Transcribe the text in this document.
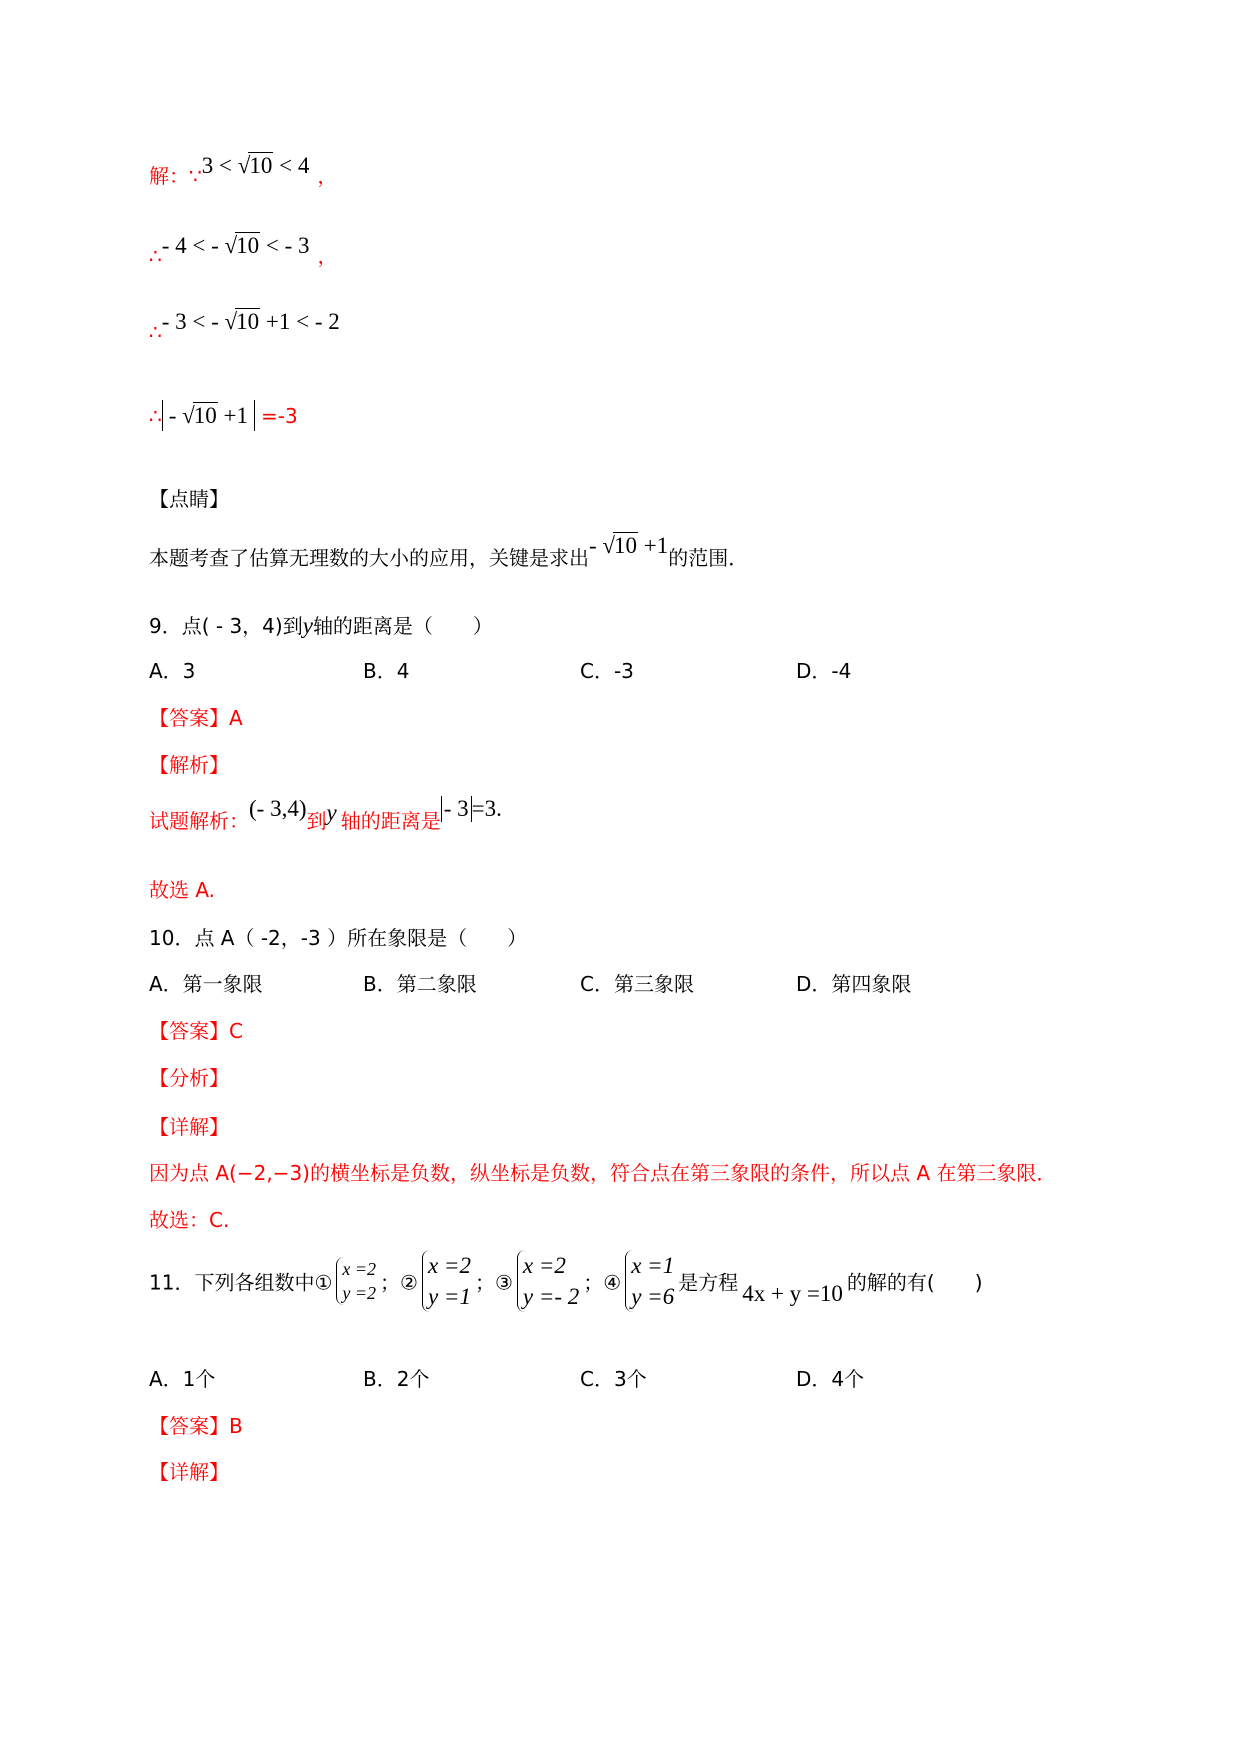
解：∵3 < √10 < 4 ，
∴- 4 < - √10 < - 3 ，
∴- 3 < - √10 +1 < - 2
∴ - √10 +1 =-3
【点睛】
本题考查了估算无理数的大小的应用，关键是求出- √10 +1的范围．
9．点( - 3，4)到y轴的距离是（　　）
A．3	B．4	C．-3	D．-4
【答案】A
【解析】
试题解析：(- 3,4)到y 轴的距离是 - 3 =3.
故选 A.
10．点 A（ -2，-3 ）所在象限是（　　）
A．第一象限	B．第二象限	C．第三象限	D．第四象限
【答案】C
【分析】
【详解】
因为点 A(−2,−3)的横坐标是负数，纵坐标是负数，符合点在第三象限的条件，所以点 A 在第三象限．
故选：C.
11．下列各组数中①x =2
y =2 ；②x =2
y =1；③x =2
y =- 2；④x =1
y =6是方程 4x + y =10 的解的有(　　)
A．1个	B．2个	C．3个	D．4个
【答案】B
【详解】
